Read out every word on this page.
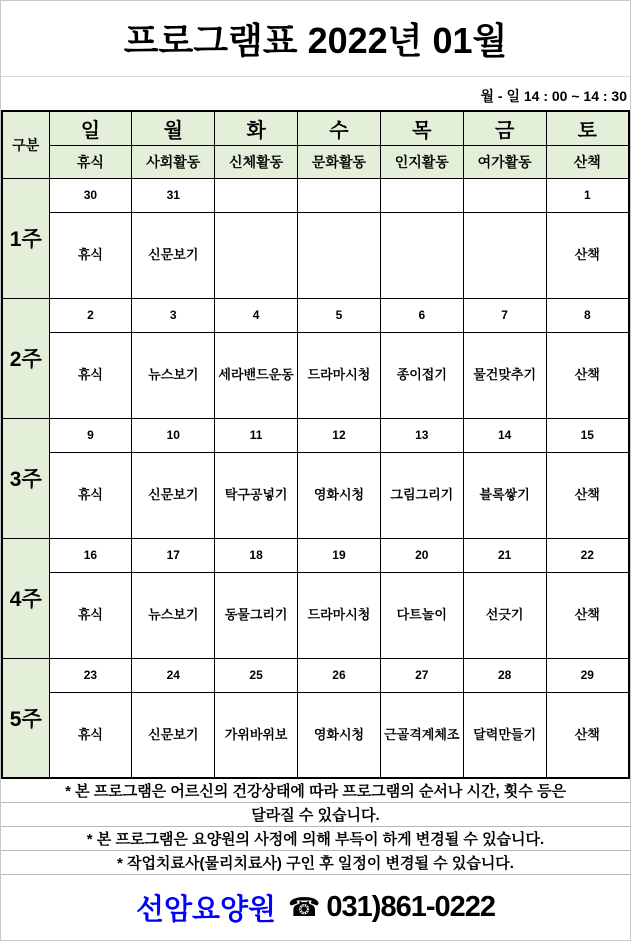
프로그램표 2022년 01월
월 - 일 14 : 00 ~ 14 : 30
구분	일	월	화	수	목	금	토
	휴식	사회활동	신체활동	문화활동	인지활동	여가활동	산책
1주	30	31					1
	휴식	신문보기					산책
2주	2	3	4	5	6	7	8
	휴식	뉴스보기	세라밴드운동	드라마시청	종이접기	물건맞추기	산책
3주	9	10	11	12	13	14	15
	휴식	신문보기	탁구공넣기	영화시청	그림그리기	블록쌓기	산책
4주	16	17	18	19	20	21	22
	휴식	뉴스보기	동물그리기	드라마시청	다트놀이	선긋기	산책
5주	23	24	25	26	27	28	29
	휴식	신문보기	가위바위보	영화시청	근골격계체조	달력만들기	산책
* 본 프로그램은 어르신의 건강상태에 따라 프로그램의 순서나 시간, 횟수 등은
달라질 수 있습니다.
* 본 프로그램은 요양원의 사정에 의해 부득이 하게 변경될 수 있습니다.
* 작업치료사(물리치료사) 구인 후 일정이 변경될 수 있습니다.
선암요양원 ☎ 031)861-0222
